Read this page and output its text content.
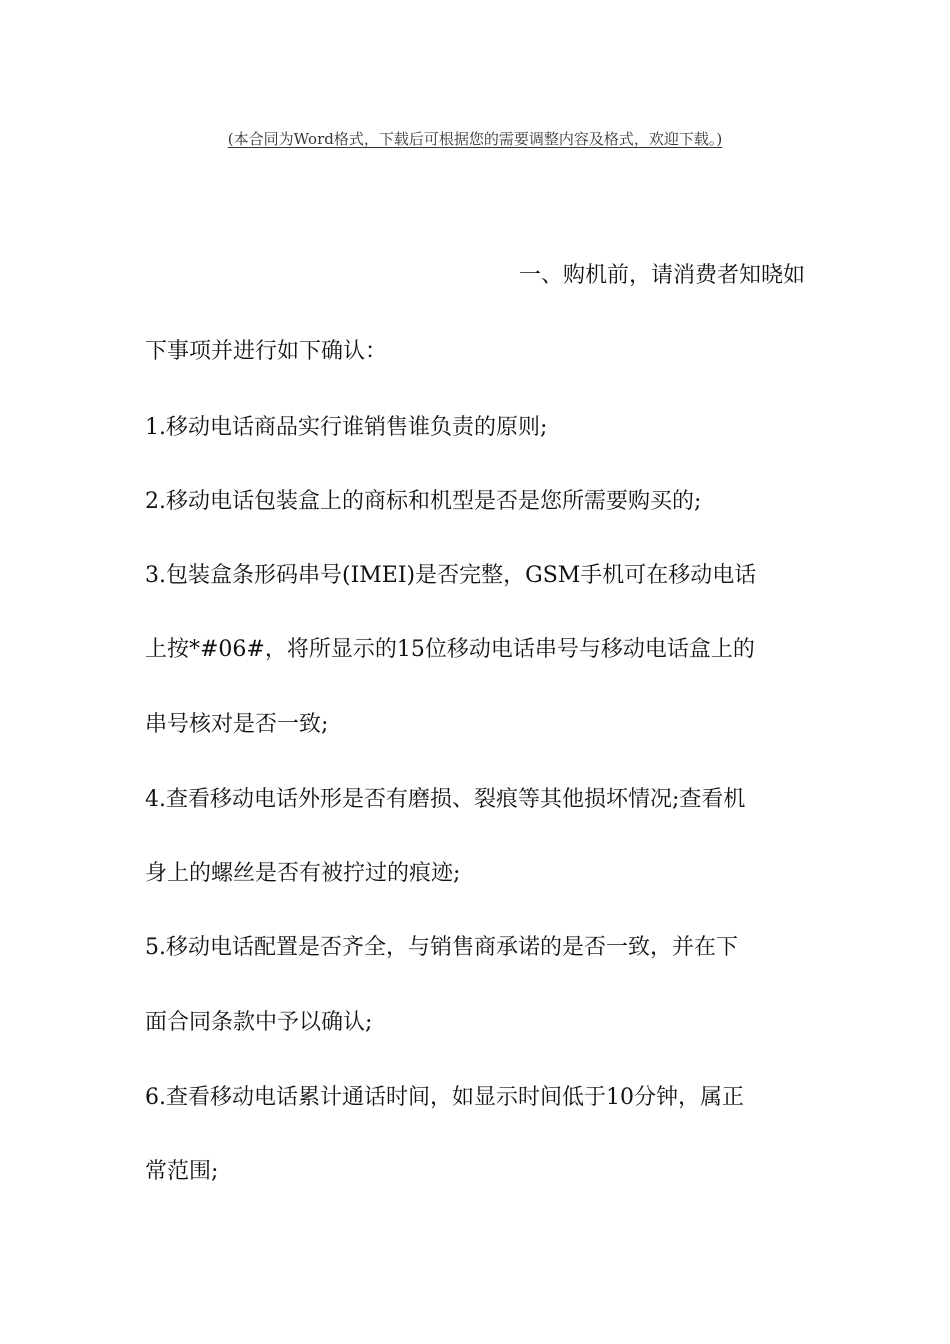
(本合同为Word格式，下载后可根据您的需要调整内容及格式，欢迎下载。)
一、购机前，请消费者知晓如
下事项并进行如下确认：
1.移动电话商品实行谁销售谁负责的原则;
2.移动电话包装盒上的商标和机型是否是您所需要购买的;
3.包装盒条形码串号(IMEI)是否完整，GSM手机可在移动电话
上按*#06#，将所显示的15位移动电话串号与移动电话盒上的
串号核对是否一致;
4.查看移动电话外形是否有磨损、裂痕等其他损坏情况;查看机
身上的螺丝是否有被拧过的痕迹;
5.移动电话配置是否齐全，与销售商承诺的是否一致，并在下
面合同条款中予以确认;
6.查看移动电话累计通话时间，如显示时间低于10分钟，属正
常范围;
